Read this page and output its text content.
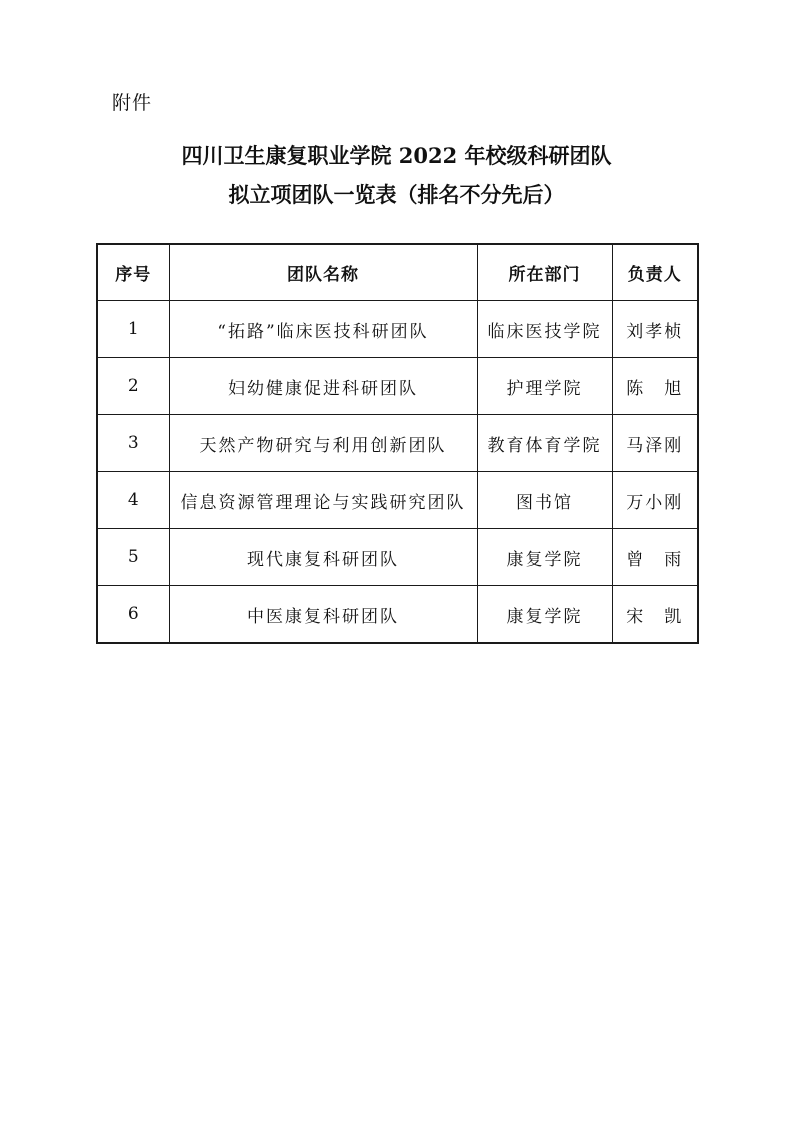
附件
四川卫生康复职业学院 2022 年校级科研团队
拟立项团队一览表（排名不分先后）
序号	团队名称	所在部门	负责人
1	“拓路”临床医技科研团队	临床医技学院	刘孝桢
2	妇幼健康促进科研团队	护理学院	陈　旭
3	天然产物研究与利用创新团队	教育体育学院	马泽刚
4	信息资源管理理论与实践研究团队	图书馆	万小刚
5	现代康复科研团队	康复学院	曾　雨
6	中医康复科研团队	康复学院	宋　凯
